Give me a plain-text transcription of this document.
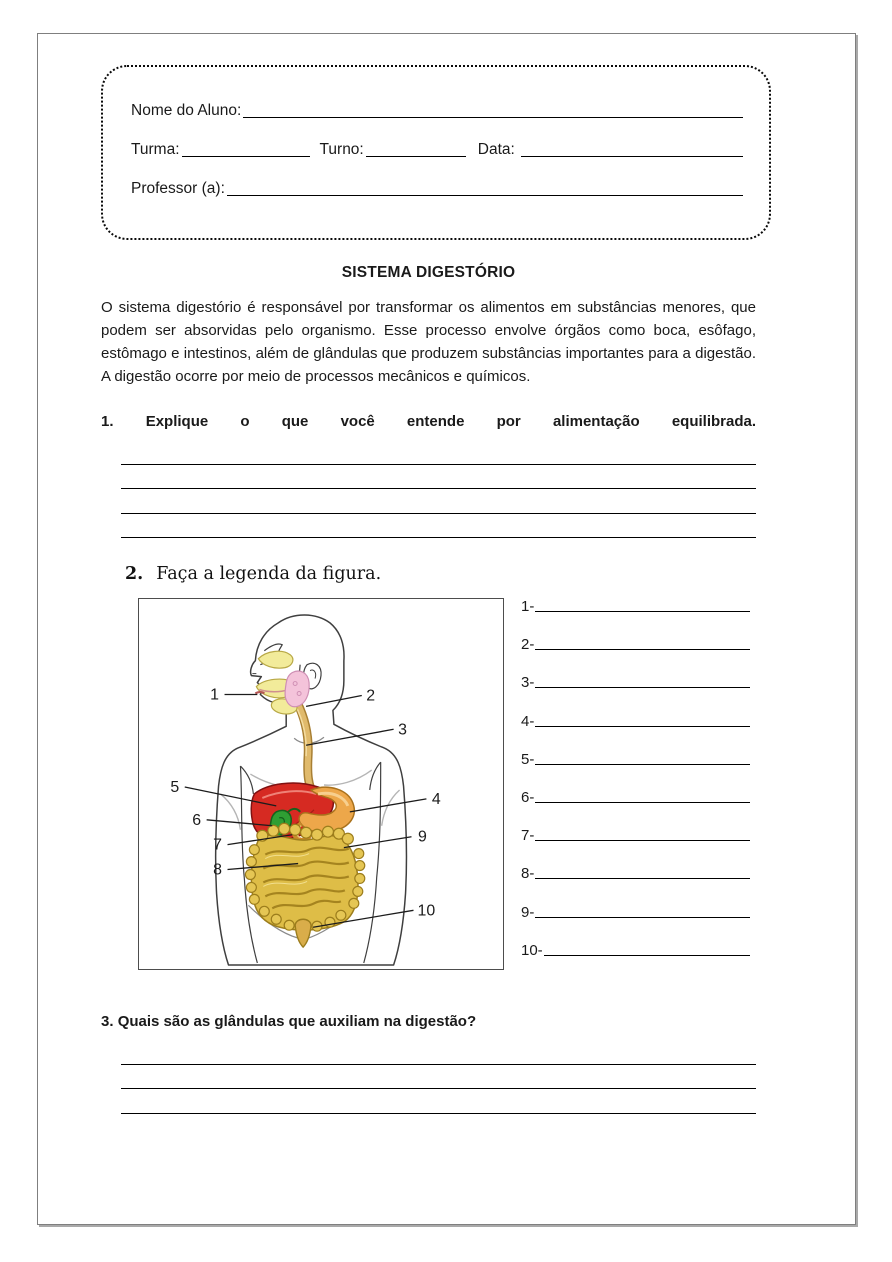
Nome do Aluno:
Turma:	Turno:	Data:
Professor (a):
SISTEMA DIGESTÓRIO

O sistema digestório é responsável por transformar os alimentos em substâncias menores, que podem ser absorvidas pelo organismo. Esse processo envolve órgãos como boca, esôfago, estômago e intestinos, além de glândulas que produzem substâncias importantes para a digestão. A digestão ocorre por meio de processos mecânicos e químicos.

1. Explique o que você entende por alimentação equilibrada.
2. Faça a legenda da figura.
1	2
3
4
5
6
7
8
9
10
1-
2-
3-
4-
5-
6-
7-
8-
9-
10-
3. Quais são as glândulas que auxiliam na digestão?
